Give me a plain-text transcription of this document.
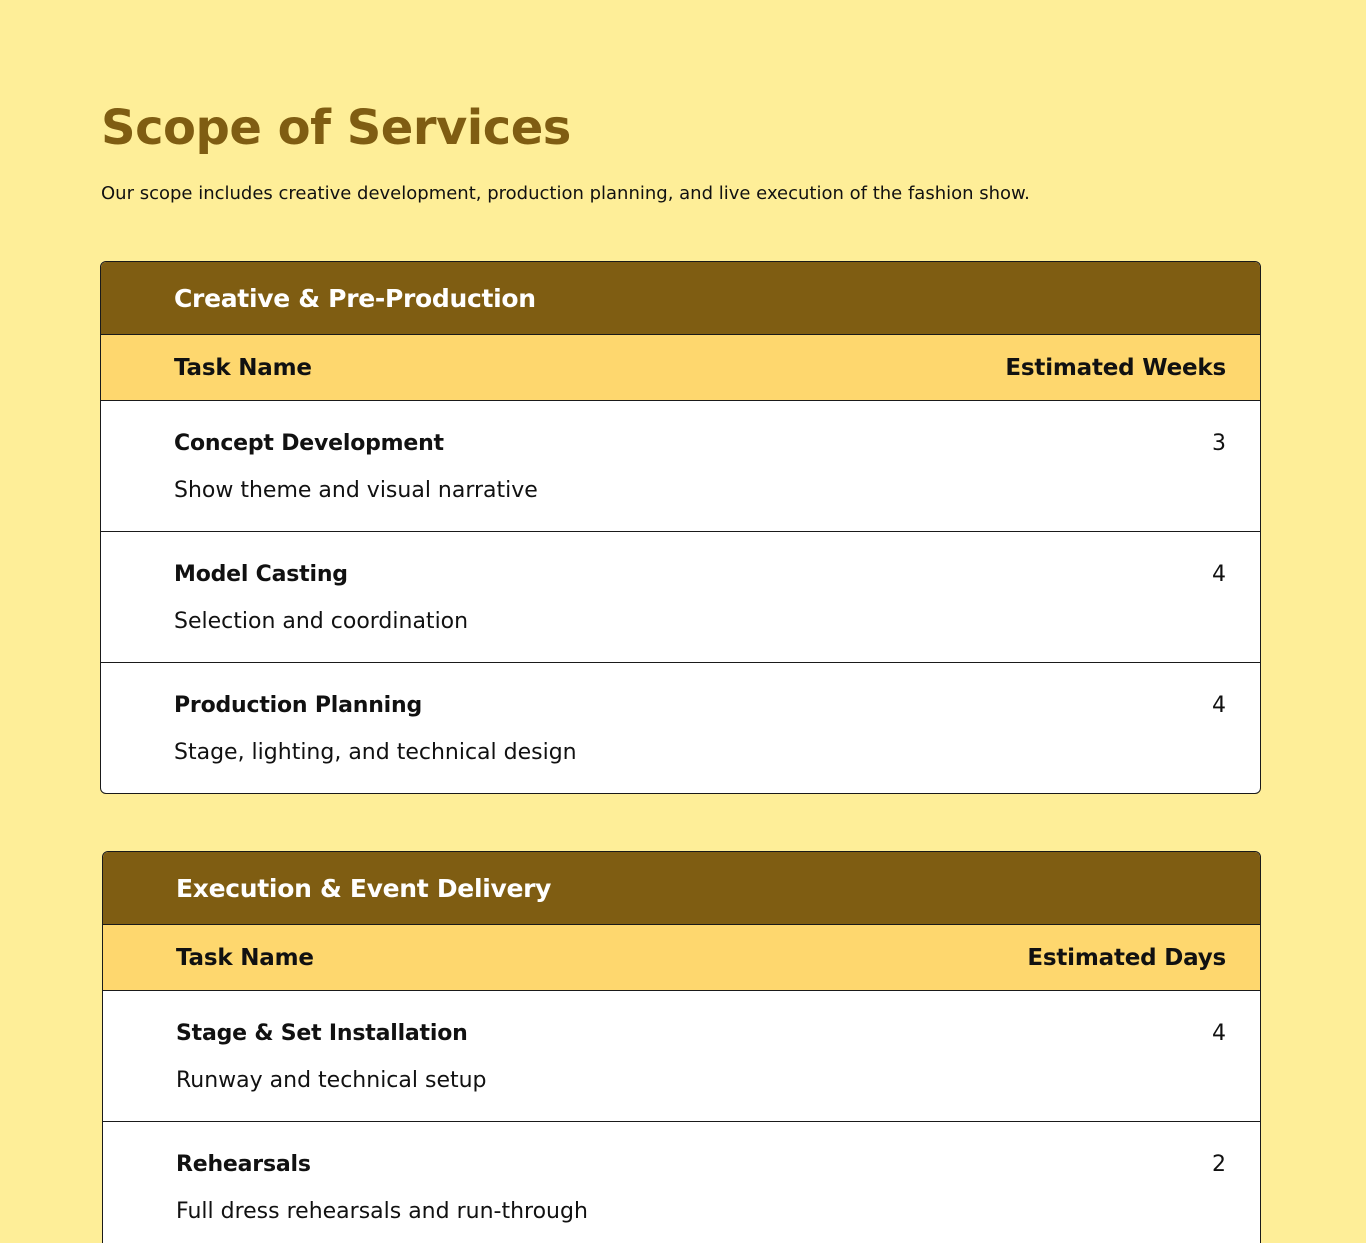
Scope of Services

Our scope includes creative development, production planning, and live execution of the fashion show.

Creative & Pre-Production
Task Name	Estimated Weeks
Concept Development	3
Show theme and visual narrative
Model Casting	4
Selection and coordination
Production Planning	4
Stage, lighting, and technical design
Execution & Event Delivery
Task Name	Estimated Days
Stage & Set Installation	4
Runway and technical setup
Rehearsals	2
Full dress rehearsals and run-through
